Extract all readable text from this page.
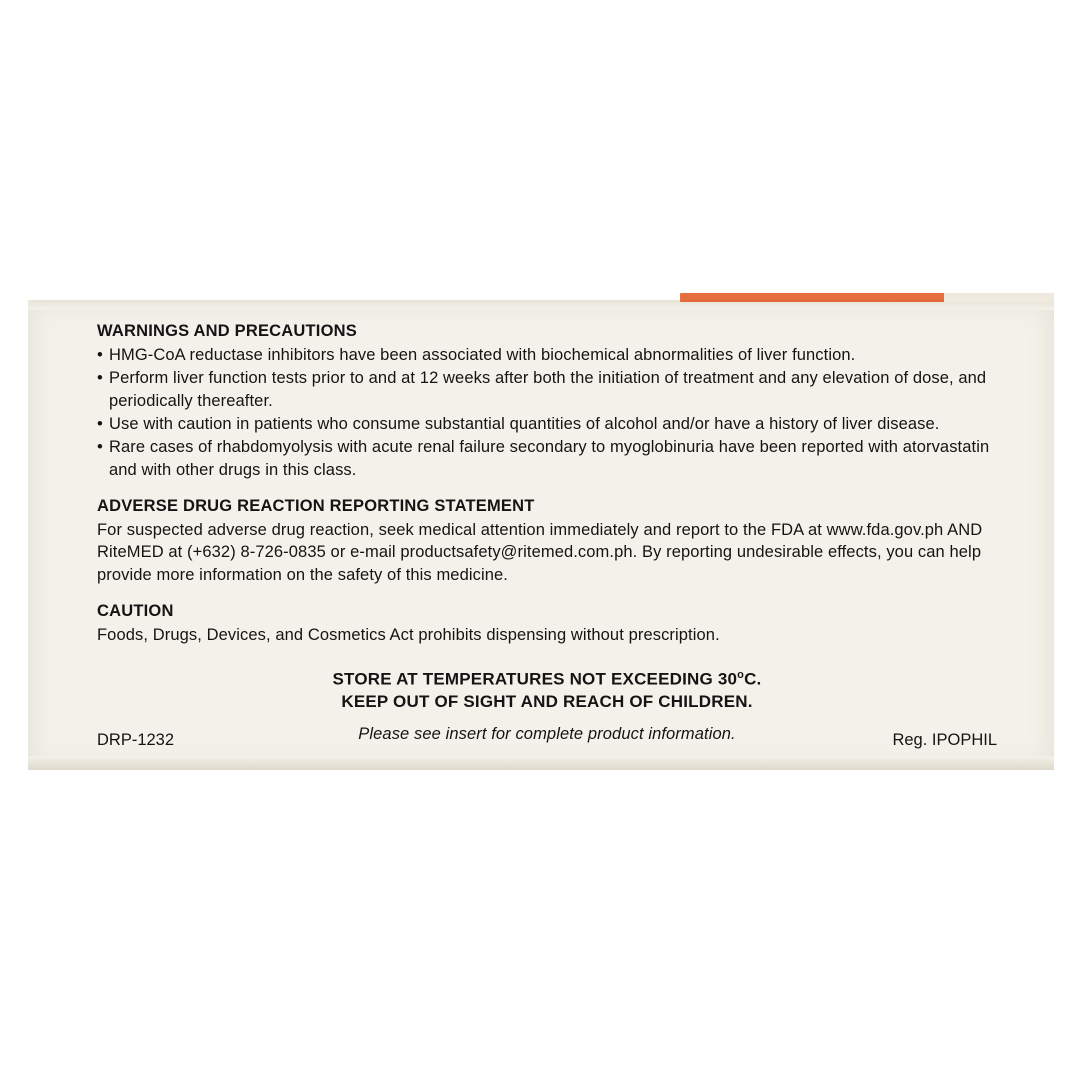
WARNINGS AND PRECAUTIONS
• HMG-CoA reductase inhibitors have been associated with biochemical abnormalities of liver function.
• Perform liver function tests prior to and at 12 weeks after both the initiation of treatment and any elevation of dose, and periodically thereafter.
• Use with caution in patients who consume substantial quantities of alcohol and/or have a history of liver disease.
• Rare cases of rhabdomyolysis with acute renal failure secondary to myoglobinuria have been reported with atorvastatin and with other drugs in this class.
ADVERSE DRUG REACTION REPORTING STATEMENT

For suspected adverse drug reaction, seek medical attention immediately and report to the FDA at www.fda.gov.ph AND RiteMED at (+632) 8-726-0835 or e-mail productsafety@ritemed.com.ph. By reporting undesirable effects, you can help provide more information on the safety of this medicine.

CAUTION

Foods, Drugs, Devices, and Cosmetics Act prohibits dispensing without prescription.

STORE AT TEMPERATURES NOT EXCEEDING 30$^o$C.
KEEP OUT OF SIGHT AND REACH OF CHILDREN.
Please see insert for complete product information.
DRP-1232	Reg. IPOPHIL
